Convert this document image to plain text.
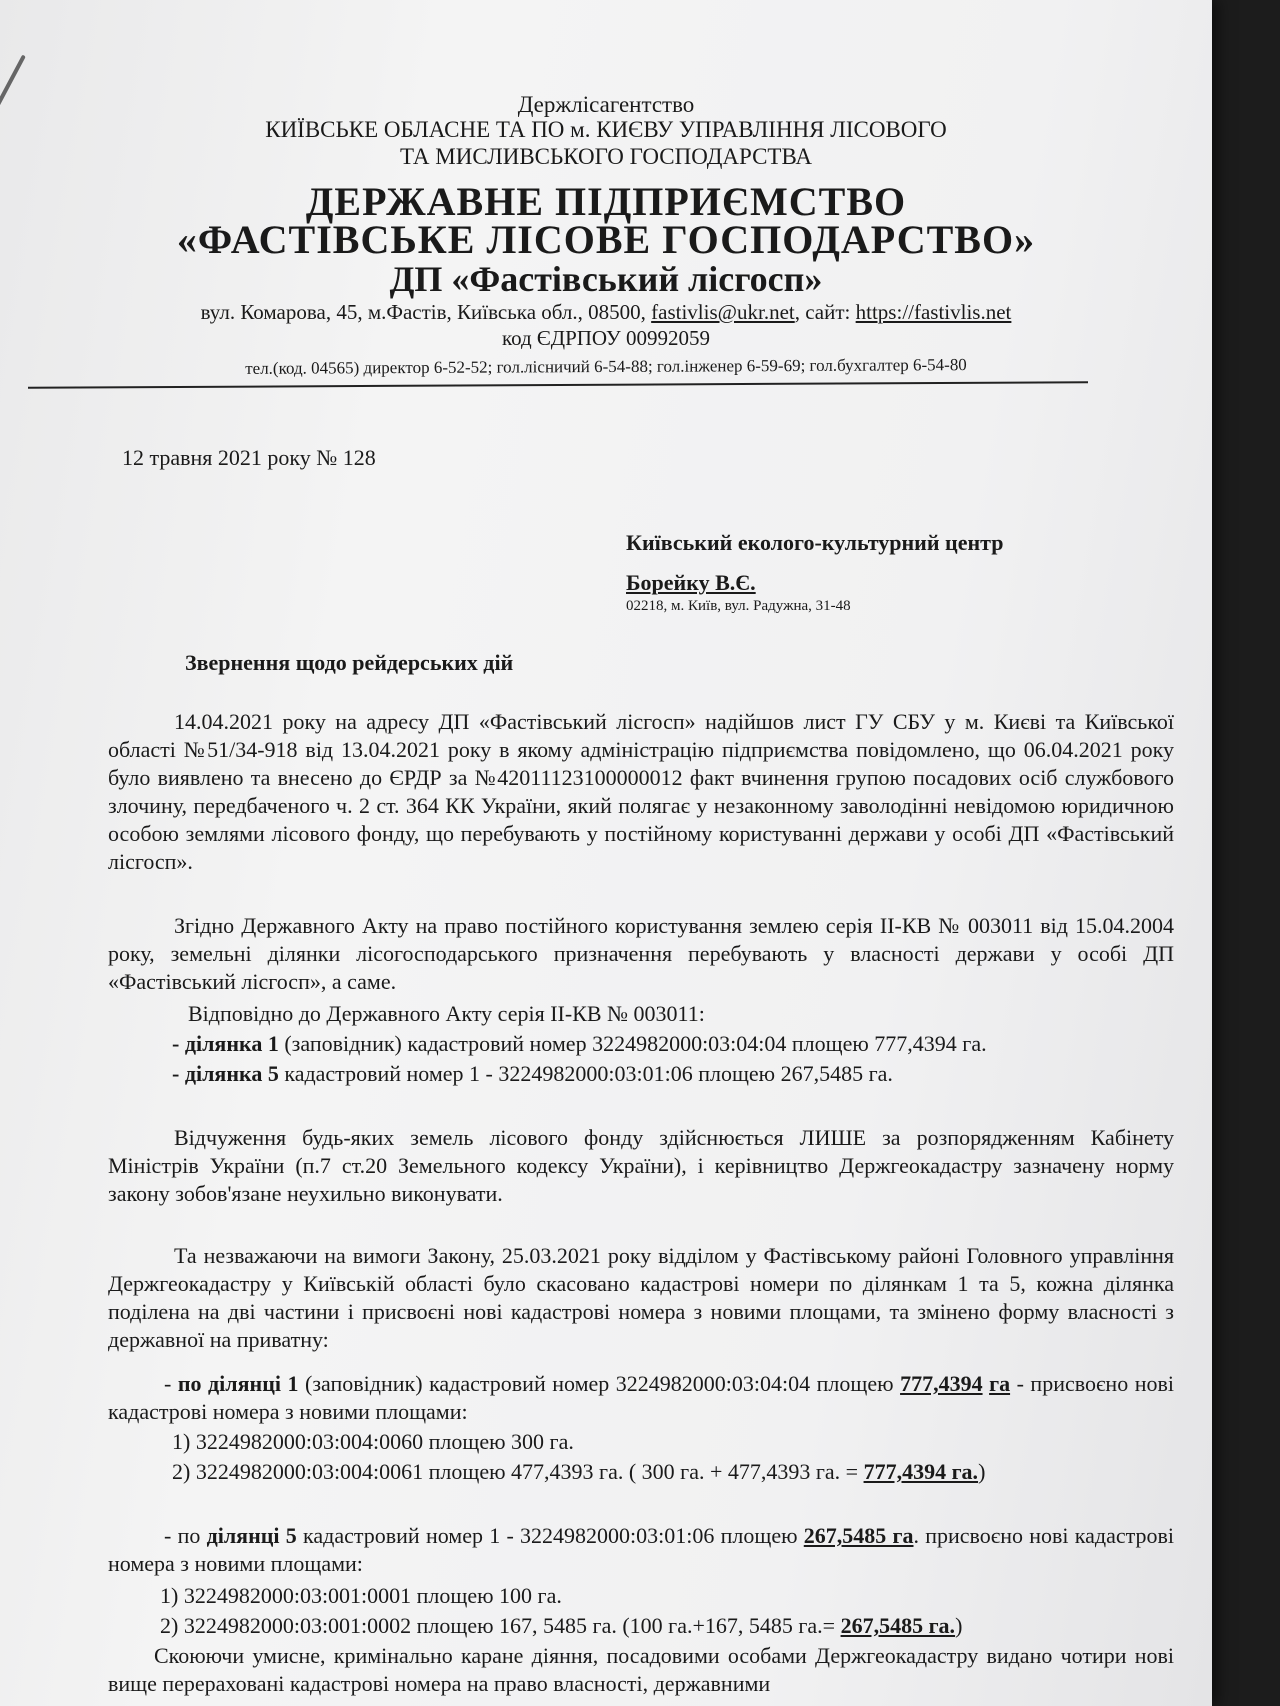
Держлісагентство
КИЇВСЬКЕ ОБЛАСНЕ ТА ПО м. КИЄВУ УПРАВЛІННЯ ЛІСОВОГО
ТА МИСЛИВСЬКОГО ГОСПОДАРСТВА
ДЕРЖАВНЕ ПІДПРИЄМСТВО
«ФАСТІВСЬКЕ ЛІСОВЕ ГОСПОДАРСТВО»
ДП «Фастівський лісгосп»
вул. Комарова, 45, м.Фастів, Київська обл., 08500, fastivlis@ukr.net, сайт: https://fastivlis.net
код ЄДРПОУ 00992059
тел.(код. 04565) директор 6-52-52; гол.лісничий 6-54-88; гол.інженер 6-59-69; гол.бухгалтер 6-54-80
12 травня 2021 року № 128
Київський еколого-культурний центр
Борейку В.Є.
02218, м. Київ, вул. Радужна, 31-48
Звернення щодо рейдерських дій
14.04.2021 року на адресу ДП «Фастівський лісгосп» надійшов лист ГУ СБУ у м. Києві та Київської області №51/34-918 від 13.04.2021 року в якому адміністрацію підприємства повідомлено, що 06.04.2021 року було виявлено та внесено до ЄРДР за №42011123100000012 факт вчинення групою посадових осіб службового злочину, передбаченого ч. 2 ст. 364 КК України, який полягає у незаконному заволодінні невідомою юридичною особою землями лісового фонду, що перебувають у постійному користуванні держави у особі ДП «Фастівський лісгосп».
Згідно Державного Акту на право постійного користування землею серія ІІ-КВ № 003011 від 15.04.2004 року, земельні ділянки лісогосподарського призначення перебувають у власності держави у особі ДП «Фастівський лісгосп», а саме.
Відповідно до Державного Акту серія ІІ-КВ № 003011:
- ділянка 1 (заповідник) кадастровий номер 3224982000:03:04:04 площею 777,4394 га.
- ділянка 5 кадастровий номер 1 - 3224982000:03:01:06 площею 267,5485 га.
Відчуження будь-яких земель лісового фонду здійснюється ЛИШЕ за розпорядженням Кабінету Міністрів України (п.7 ст.20 Земельного кодексу України), і керівництво Держгеокадастру зазначену норму закону зобов'язане неухильно виконувати.
Та незважаючи на вимоги Закону, 25.03.2021 року відділом у Фастівському районі Головного управління Держгеокадастру у Київській області було скасовано кадастрові номери по ділянкам 1 та 5, кожна ділянка поділена на дві частини і присвоєні нові кадастрові номера з новими площами, та змінено форму власності з державної на приватну:
- по ділянці 1 (заповідник) кадастровий номер 3224982000:03:04:04 площею 777,4394 га - присвоєно нові кадастрові номера з новими площами:
1) 3224982000:03:004:0060 площею 300 га.
2) 3224982000:03:004:0061 площею 477,4393 га. ( 300 га. + 477,4393 га. = 777,4394 га.)
- по ділянці 5 кадастровий номер 1 - 3224982000:03:01:06 площею 267,5485 га. присвоєно нові кадастрові номера з новими площами:
1) 3224982000:03:001:0001 площею 100 га.
2) 3224982000:03:001:0002 площею 167, 5485 га. (100 га.+167, 5485 га.= 267,5485 га.)
Скоюючи умисне, кримінально каране діяння, посадовими особами Держгеокадастру видано чотири нові вище перераховані кадастрові номера на право власності, державними
